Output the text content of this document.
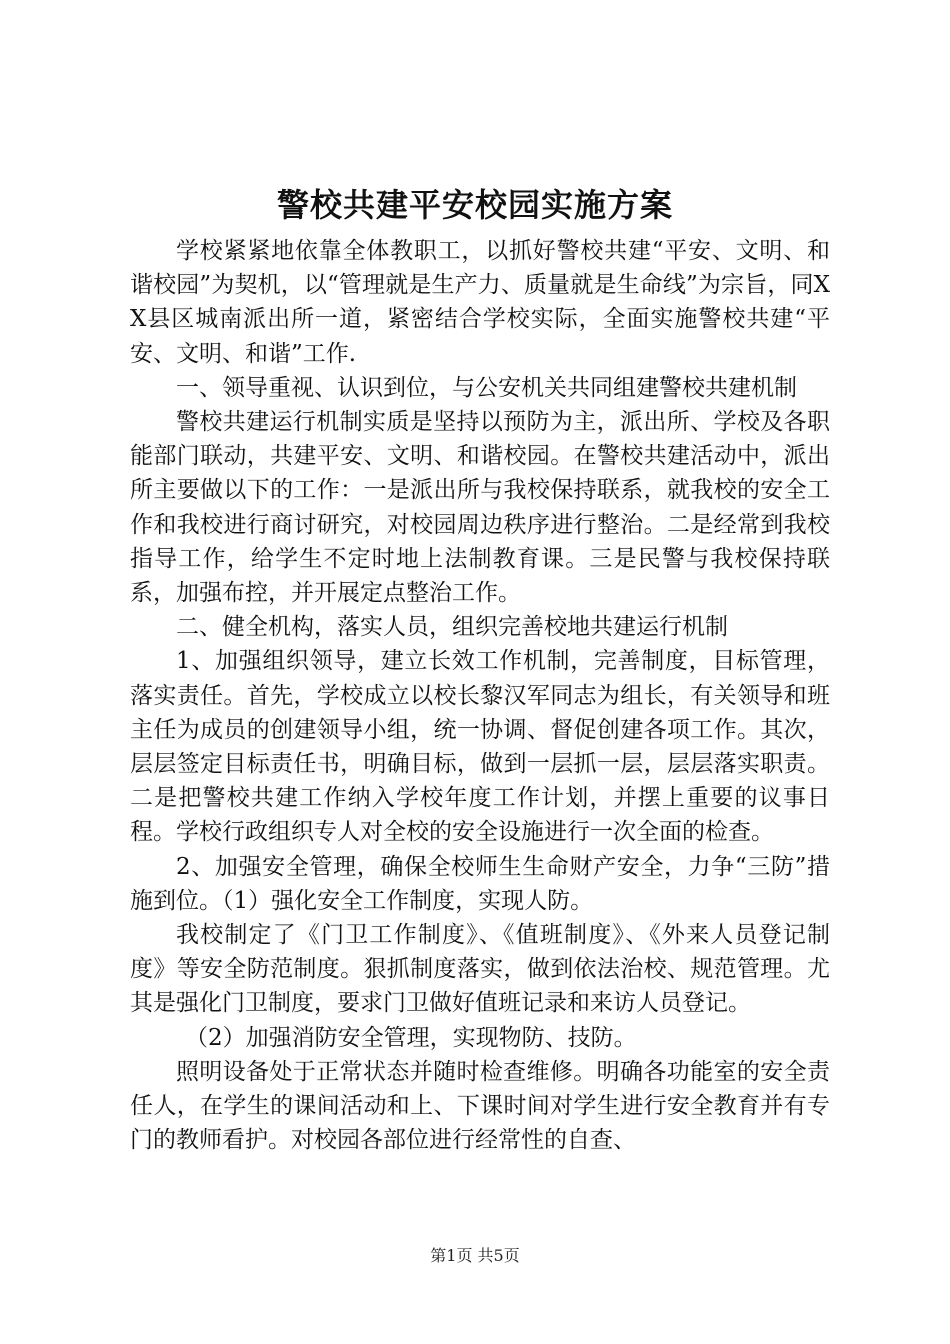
警校共建平安校园实施方案

学校紧紧地依靠全体教职工，以抓好警校共建“平安、文明、和谐校园”为契机，以“管理就是生产力、质量就是生命线”为宗旨，同XX县区城南派出所一道，紧密结合学校实际，全面实施警校共建“平安、文明、和谐”工作.

一、领导重视、认识到位，与公安机关共同组建警校共建机制

警校共建运行机制实质是坚持以预防为主，派出所、学校及各职能部门联动，共建平安、文明、和谐校园。在警校共建活动中，派出所主要做以下的工作：一是派出所与我校保持联系，就我校的安全工作和我校进行商讨研究，对校园周边秩序进行整治。二是经常到我校指导工作，给学生不定时地上法制教育课。三是民警与我校保持联系，加强布控，并开展定点整治工作。

二、健全机构，落实人员，组织完善校地共建运行机制

1、加强组织领导，建立长效工作机制，完善制度，目标管理，落实责任。首先，学校成立以校长黎汉军同志为组长，有关领导和班主任为成员的创建领导小组，统一协调、督促创建各项工作。其次，层层签定目标责任书，明确目标，做到一层抓一层，层层落实职责。二是把警校共建工作纳入学校年度工作计划，并摆上重要的议事日程。学校行政组织专人对全校的安全设施进行一次全面的检查。

2、加强安全管理，确保全校师生生命财产安全，力争“三防”措施到位。（1）强化安全工作制度，实现人防。

我校制定了《门卫工作制度》、《值班制度》、《外来人员登记制度》等安全防范制度。狠抓制度落实，做到依法治校、规范管理。尤其是强化门卫制度，要求门卫做好值班记录和来访人员登记。

（2）加强消防安全管理，实现物防、技防。

照明设备处于正常状态并随时检查维修。明确各功能室的安全责任人，在学生的课间活动和上、下课时间对学生进行安全教育并有专门的教师看护。对校园各部位进行经常性的自查、

第1页 共5页
